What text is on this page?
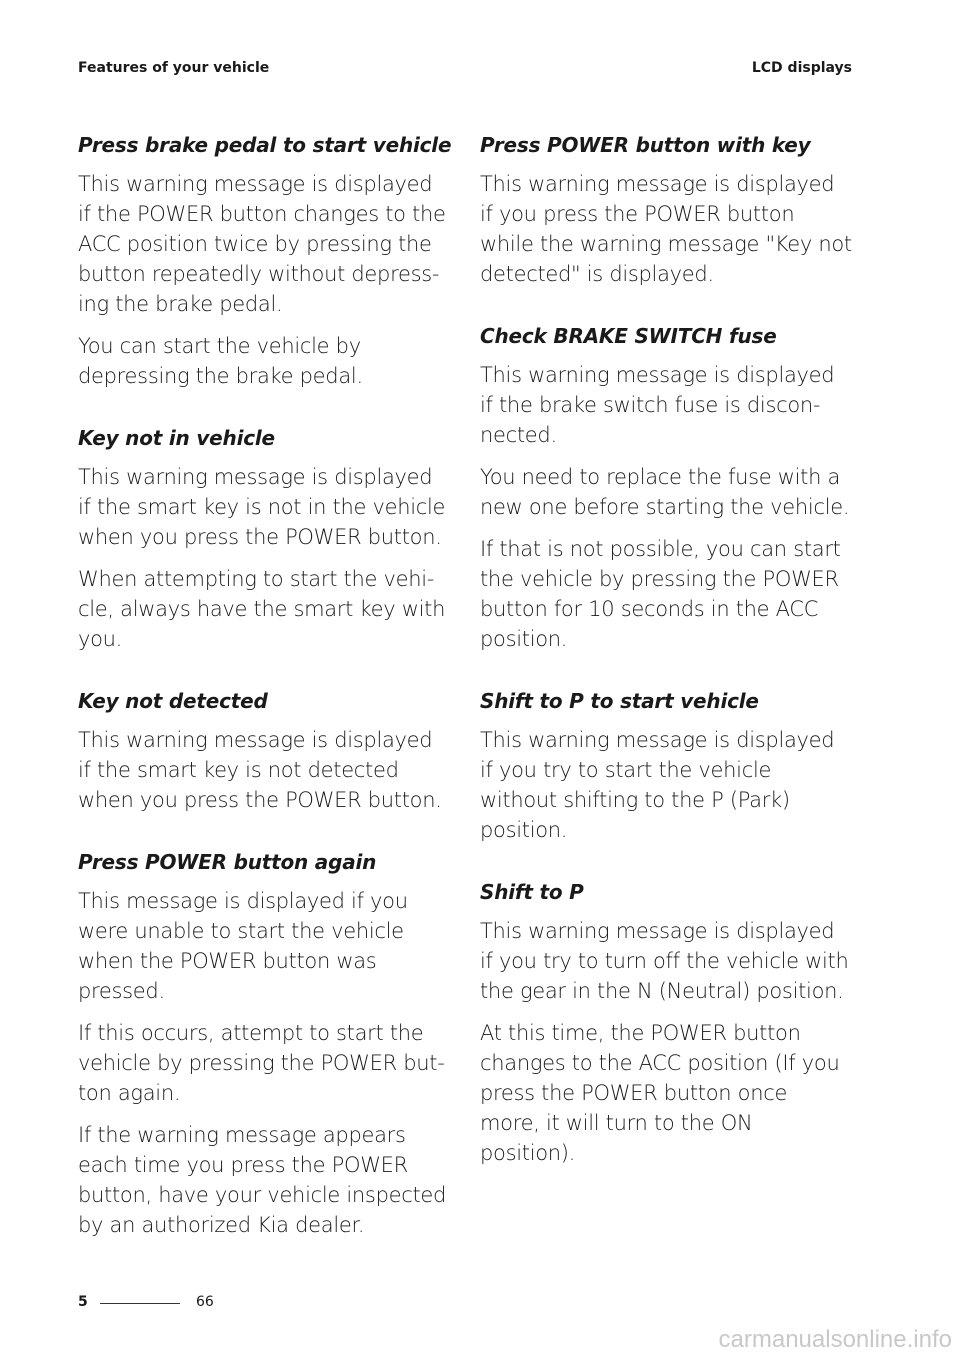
Features of your vehicle	LCD displays
Press brake pedal to start vehicle

This warning message is displayed if the POWER button changes to the ACC position twice by pressing the button repeatedly without depress-ing the brake pedal.

You can start the vehicle by depressing the brake pedal.

Key not in vehicle

This warning message is displayed if the smart key is not in the vehicle when you press the POWER button.

When attempting to start the vehi-cle, always have the smart key with you.

Key not detected

This warning message is displayed if the smart key is not detected when you press the POWER button.

Press POWER button again

This message is displayed if you were unable to start the vehicle when the POWER button was pressed.

If this occurs, attempt to start the vehicle by pressing the POWER but-ton again.

If the warning message appears each time you press the POWER button, have your vehicle inspected by an authorized Kia dealer.

Press POWER button with key

This warning message is displayed if you press the POWER button while the warning message "Key not detected" is displayed.

Check BRAKE SWITCH fuse

This warning message is displayed if the brake switch fuse is discon-nected.

You need to replace the fuse with a new one before starting the vehicle.

If that is not possible, you can start the vehicle by pressing the POWER button for 10 seconds in the ACC position.

Shift to P to start vehicle

This warning message is displayed if you try to start the vehicle without shifting to the P (Park) position.

Shift to P

This warning message is displayed if you try to turn off the vehicle with the gear in the N (Neutral) position.

At this time, the POWER button changes to the ACC position (If you press the POWER button once more, it will turn to the ON position).

5	66
carmanualsonline.info
